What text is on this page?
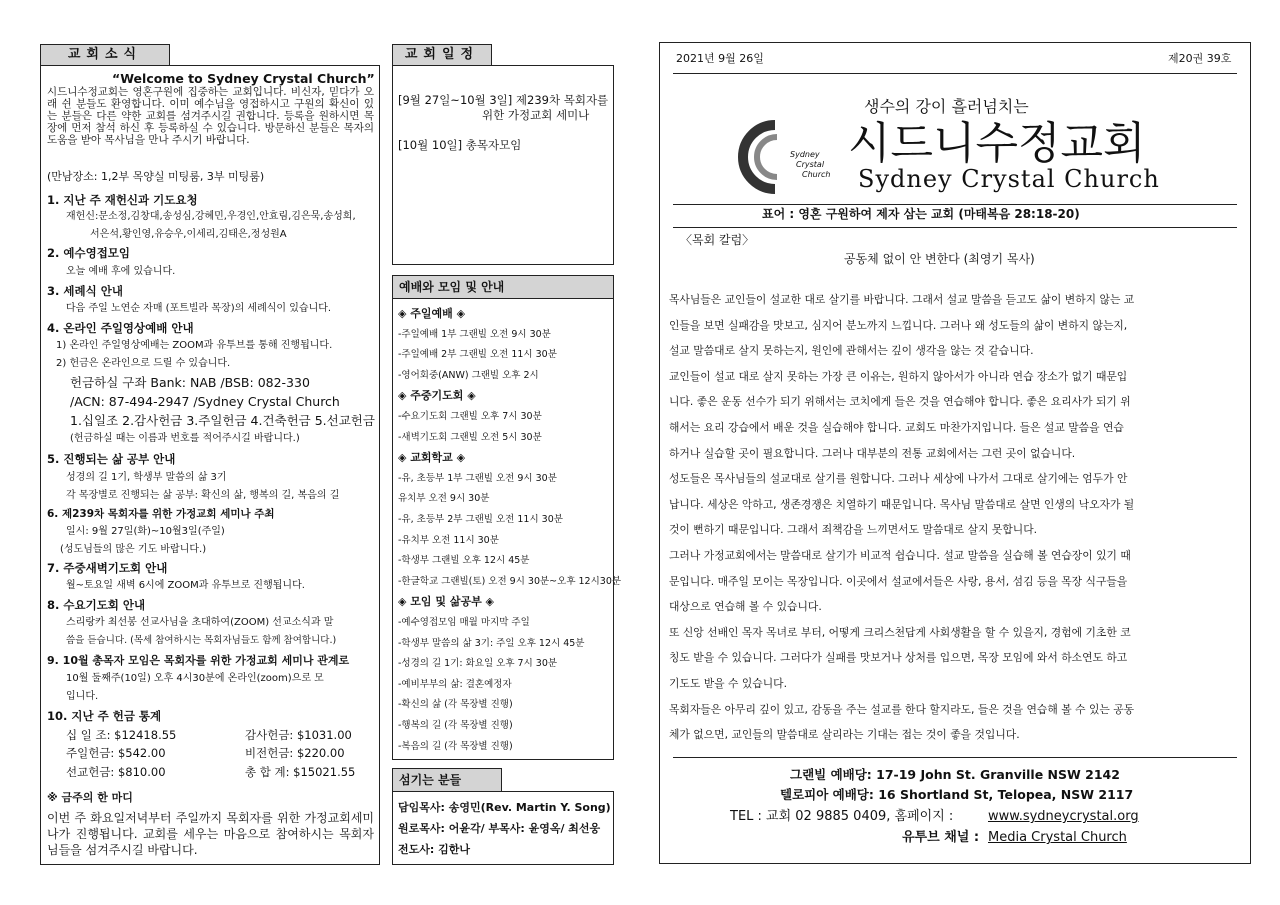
교회소식
“Welcome to Sydney Crystal Church”
시드니수정교회는 영혼구원에 집중하는 교회입니다. 비신자, 믿다가 오래 쉰 분들도 환영합니다. 이미 예수님을 영접하시고 구원의 확신이 있는 분들은 다른 약한 교회를 섬겨주시길 권합니다. 등록을 원하시면 목장에 먼저 참석 하신 후 등록하실 수 있습니다. 방문하신 분들은 목자의 도움을 받아 목사님을 만나 주시기 바랍니다.
(만남장소: 1,2부 목양실 미팅룸, 3부 미팅룸)
1. 지난 주 재헌신과 기도요청
재헌신:문소정,김창대,송성심,강혜민,우경인,안효림,김은묵,송성희,
서은석,황인영,유승우,이세리,김태은,정성원A
2. 예수영접모임
오늘 예배 후에 있습니다.
3. 세례식 안내
다음 주일 노연순 자매 (포트빌라 목장)의 세례식이 있습니다.
4. 온라인 주일영상예배 안내
1) 온라인 주일영상예배는 ZOOM과 유투브를 통해 진행됩니다.
2) 헌금은 온라인으로 드릴 수 있습니다.
헌금하실 구좌 Bank: NAB /BSB: 082-330
/ACN: 87-494-2947 /Sydney Crystal Church
1.십일조 2.감사헌금 3.주일헌금 4.건축헌금 5.선교헌금
(헌금하실 때는 이름과 번호를 적어주시길 바랍니다.)
5. 진행되는 삶 공부 안내
성경의 길 1기, 학생부 말씀의 삶 3기
각 목장별로 진행되는 삶 공부: 확신의 삶, 행복의 길, 복음의 길
6. 제239차 목회자를 위한 가정교회 세미나 주최
일시: 9월 27일(화)~10월3일(주일)
(성도님들의 많은 기도 바랍니다.)
7. 주중새벽기도회 안내
월~토요일 새벽 6시에 ZOOM과 유투브로 진행됩니다.
8. 수요기도회 안내
스리랑카 최선봉 선교사님을 초대하여(ZOOM) 선교소식과 말
씀을 듣습니다. (목세 참여하시는 목회자님들도 함께 참여합니다.)
9. 10월 총목자 모임은 목회자를 위한 가정교회 세미나 관계로
10월 둘째주(10일) 오후 4시30분에 온라인(zoom)으로 모
입니다.
10. 지난 주 헌금 통계
십 일 조: $12418.55	감사헌금: $1031.00
주일헌금: $542.00	비전헌금: $220.00
선교헌금: $810.00	총 합 계: $15021.55
※ 금주의 한 마디
이번 주 화요일저녁부터 주일까지 목회자를 위한 가정교회세미나가 진행됩니다. 교회를 세우는 마음으로 참여하시는 목회자님들을 섬겨주시길 바랍니다.
교회일정
[9월 27일~10월 3일] 제239차 목회자를
위한 가정교회 세미나
[10월 10일] 총목자모임
예배와 모임 및 안내
◈ 주일예배 ◈
-주일예배 1부 그랜빌 오전 9시 30분
-주일예배 2부 그랜빌 오전 11시 30분
-영어회중(ANW) 그랜빌 오후 2시
◈ 주중기도회 ◈
-수요기도회 그랜빌 오후 7시 30분
-새벽기도회 그랜빌 오전 5시 30분
◈ 교회학교 ◈
-유, 초등부 1부 그랜빌 오전 9시 30분
유치부 오전 9시 30분
-유, 초등부 2부 그랜빌 오전 11시 30분
-유치부 오전 11시 30분
-학생부 그랜빌 오후 12시 45분
-한글학교 그랜빌(토) 오전 9시 30분~오후 12시30분
◈ 모임 및 삶공부 ◈
-예수영접모임 매월 마지막 주일
-학생부 말씀의 삶 3기: 주일 오후 12시 45분
-성경의 길 1기: 화요일 오후 7시 30분
-예비부부의 삶: 결혼예정자
-확신의 삶 (각 목장별 진행)
-행복의 길 (각 목장별 진행)
-복음의 길 (각 목장별 진행)
섬기는 분들
담임목사: 송영민(Rev. Martin Y. Song)
원로목사: 어윤각/ 부목사: 윤영옥/ 최선웅
전도사: 김한나
2021년 9월 26일	제20권 39호
Sydney
Crystal
Church
생수의 강이 흘러넘치는
시드니수정교회
Sydney Crystal Church
표어 : 영혼 구원하여 제자 삼는 교회 (마태복음 28:18-20)
〈목회 칼럼〉
공동체 없이 안 변한다 (최영기 목사)
목사님들은 교인들이 설교한 대로 살기를 바랍니다. 그래서 설교 말씀을 듣고도 삶이 변하지 않는 교
인들을 보면 실패감을 맛보고, 심지어 분노까지 느낍니다. 그러나 왜 성도들의 삶이 변하지 않는지,
설교 말씀대로 살지 못하는지, 원인에 관해서는 깊이 생각을 않는 것 같습니다.
교인들이 설교 대로 살지 못하는 가장 큰 이유는, 원하지 않아서가 아니라 연습 장소가 없기 때문입
니다. 좋은 운동 선수가 되기 위해서는 코치에게 들은 것을 연습해야 합니다. 좋은 요리사가 되기 위
해서는 요리 강습에서 배운 것을 실습해야 합니다. 교회도 마찬가지입니다. 들은 설교 말씀을 연습
하거나 실습할 곳이 필요합니다. 그러나 대부분의 전통 교회에서는 그런 곳이 없습니다.
성도들은 목사님들의 설교대로 살기를 원합니다. 그러나 세상에 나가서 그대로 살기에는 엄두가 안
납니다. 세상은 악하고, 생존경쟁은 치열하기 때문입니다. 목사님 말씀대로 살면 인생의 낙오자가 될
것이 뻔하기 때문입니다. 그래서 죄책감을 느끼면서도 말씀대로 살지 못합니다.
그러나 가정교회에서는 말씀대로 살기가 비교적 쉽습니다. 설교 말씀을 실습해 볼 연습장이 있기 때
문입니다. 매주일 모이는 목장입니다. 이곳에서 설교에서들은 사랑, 용서, 섬김 등을 목장 식구들을
대상으로 연습해 볼 수 있습니다.
또 신앙 선배인 목자 목녀로 부터, 어떻게 크리스천답게 사회생활을 할 수 있을지, 경험에 기초한 코
칭도 받을 수 있습니다. 그러다가 실패를 맛보거나 상처를 입으면, 목장 모임에 와서 하소연도 하고
기도도 받을 수 있습니다.
목회자들은 아무리 깊이 있고, 감동을 주는 설교를 한다 할지라도, 들은 것을 연습해 볼 수 있는 공동
체가 없으면, 교인들의 말씀대로 살리라는 기대는 접는 것이 좋을 것입니다.
그랜빌 예배당: 17-19 John St. Granville NSW 2142
텔로피아 예배당: 16 Shortland St, Telopea, NSW 2117
TEL : 교회 02 9885 0409, 홈페이지 :	www.sydneycrystal.org
유투브 채널 : Media Crystal Church
